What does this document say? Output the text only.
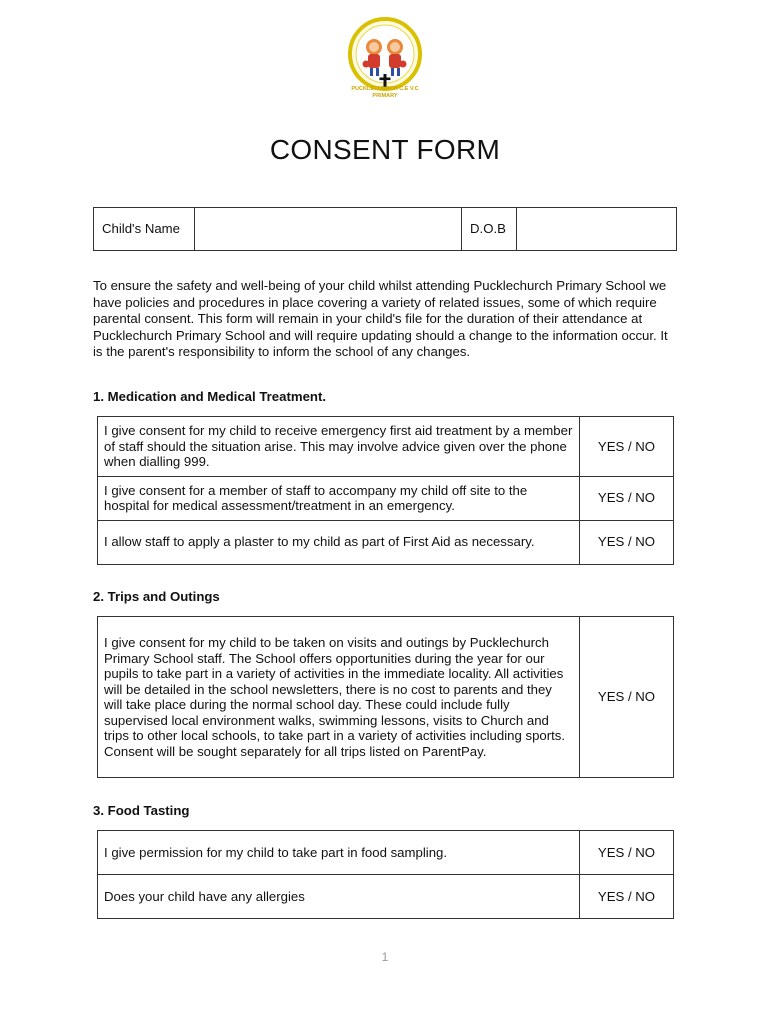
PUCKLECHURCH C.E V.C
PRIMARY
CONSENT FORM
Child's Name		D.O.B	
To ensure the safety and well-being of your child whilst attending Pucklechurch Primary School we have policies and procedures in place covering a variety of related issues, some of which require parental consent. This form will remain in your child's file for the duration of their attendance at Pucklechurch Primary School and will require updating should a change to the information occur. It is the parent's responsibility to inform the school of any changes.
1. Medication and Medical Treatment.
I give consent for my child to receive emergency first aid treatment by a member of staff should the situation arise. This may involve advice given over the phone when dialling 999.	YES / NO
I give consent for a member of staff to accompany my child off site to the hospital for medical assessment/treatment in an emergency.	YES / NO
I allow staff to apply a plaster to my child as part of First Aid as necessary.	YES / NO
2. Trips and Outings
I give consent for my child to be taken on visits and outings by Pucklechurch Primary School staff. The School offers opportunities during the year for our pupils to take part in a variety of activities in the immediate locality. All activities will be detailed in the school newsletters, there is no cost to parents and they will take place during the normal school day. These could include fully supervised local environment walks, swimming lessons, visits to Church and trips to other local schools, to take part in a variety of activities including sports. Consent will be sought separately for all trips listed on ParentPay.	YES / NO
3. Food Tasting
I give permission for my child to take part in food sampling.	YES / NO
Does your child have any allergies	YES / NO
1
